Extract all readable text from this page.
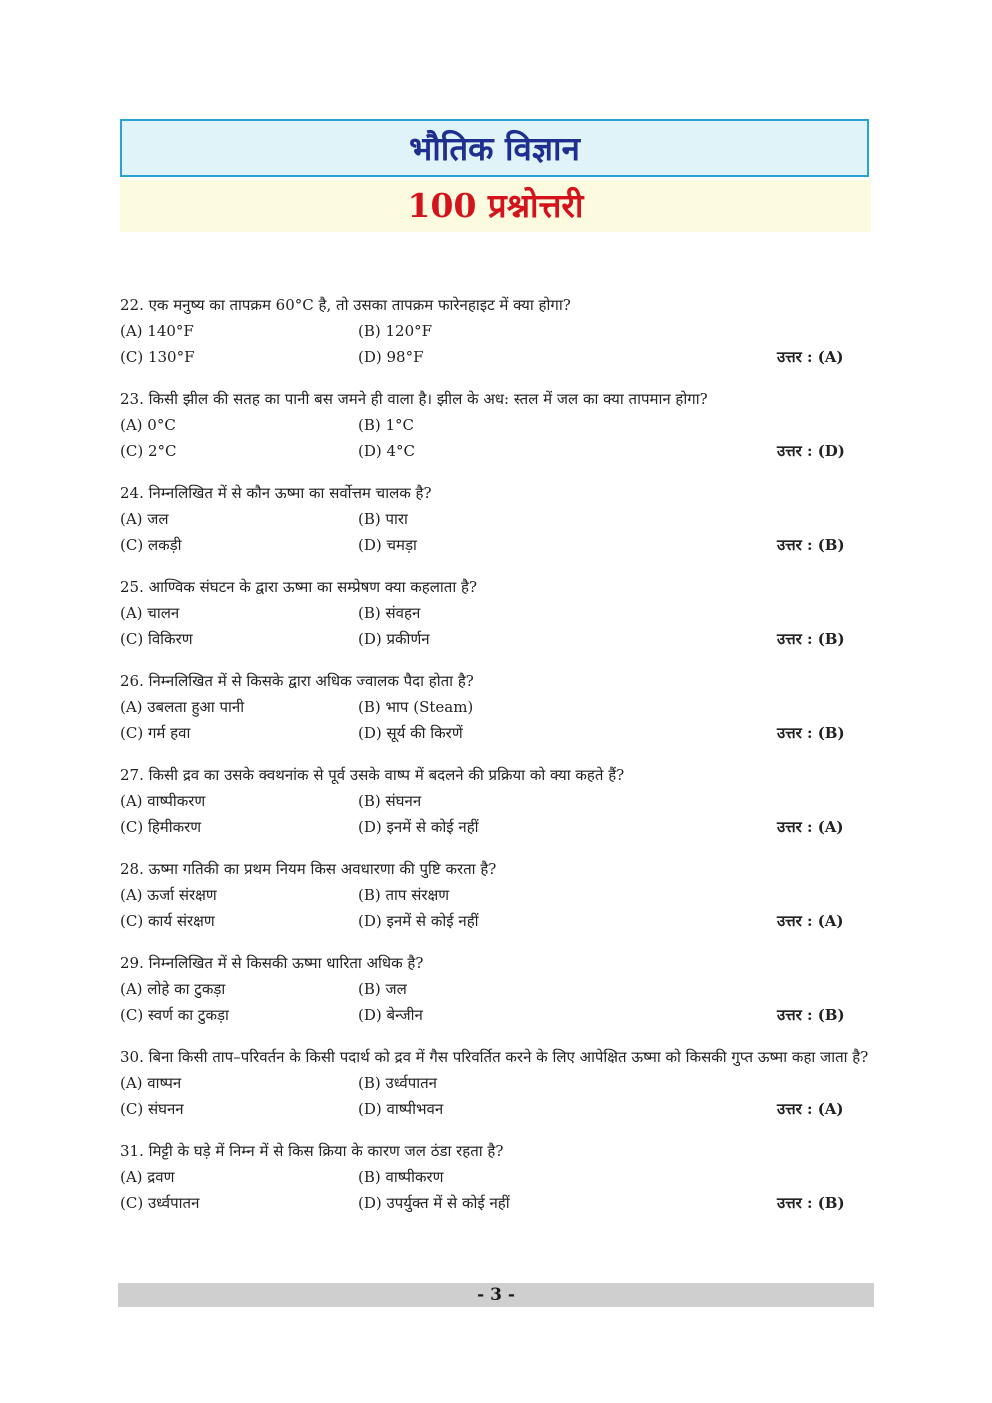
भौतिक विज्ञान
100 प्रश्नोत्तरी

22. एक मनुष्य का तापक्रम 60°C है, तो उसका तापक्रम फारेनहाइट में क्या होगा?

(A) 140°F	(B) 120°F
(C) 130°F	(D) 98°F	उत्तर : (A)

23. किसी झील की सतह का पानी बस जमने ही वाला है। झील के अध: स्तल में जल का क्या तापमान होगा?

(A) 0°C	(B) 1°C
(C) 2°C	(D) 4°C	उत्तर : (D)

24. निम्नलिखित में से कौन ऊष्मा का सर्वोत्तम चालक है?

(A) जल	(B) पारा
(C) लकड़ी	(D) चमड़ा	उत्तर : (B)

25. आण्विक संघटन के द्वारा ऊष्मा का सम्प्रेषण क्या कहलाता है?

(A) चालन	(B) संवहन
(C) विकिरण	(D) प्रकीर्णन	उत्तर : (B)

26. निम्नलिखित में से किसके द्वारा अधिक ज्वालक पैदा होता है?

(A) उबलता हुआ पानी	(B) भाप (Steam)
(C) गर्म हवा	(D) सूर्य की किरणें	उत्तर : (B)

27. किसी द्रव का उसके क्वथनांक से पूर्व उसके वाष्प में बदलने की प्रक्रिया को क्या कहते हैं?

(A) वाष्पीकरण	(B) संघनन
(C) हिमीकरण	(D) इनमें से कोई नहीं	उत्तर : (A)

28. ऊष्मा गतिकी का प्रथम नियम किस अवधारणा की पुष्टि करता है?

(A) ऊर्जा संरक्षण	(B) ताप संरक्षण
(C) कार्य संरक्षण	(D) इनमें से कोई नहीं	उत्तर : (A)

29. निम्नलिखित में से किसकी ऊष्मा धारिता अधिक है?

(A) लोहे का टुकड़ा	(B) जल
(C) स्वर्ण का टुकड़ा	(D) बेन्जीन	उत्तर : (B)

30. बिना किसी ताप–परिवर्तन के किसी पदार्थ को द्रव में गैस परिवर्तित करने के लिए आपेक्षित ऊष्मा को किसकी गुप्त ऊष्मा कहा जाता है?

(A) वाष्पन	(B) उर्ध्वपातन
(C) संघनन	(D) वाष्पीभवन	उत्तर : (A)

31. मिट्टी के घड़े में निम्न में से किस क्रिया के कारण जल ठंडा रहता है?

(A) द्रवण	(B) वाष्पीकरण
(C) उर्ध्वपातन	(D) उपर्युक्त में से कोई नहीं	उत्तर : (B)
- 3 -
